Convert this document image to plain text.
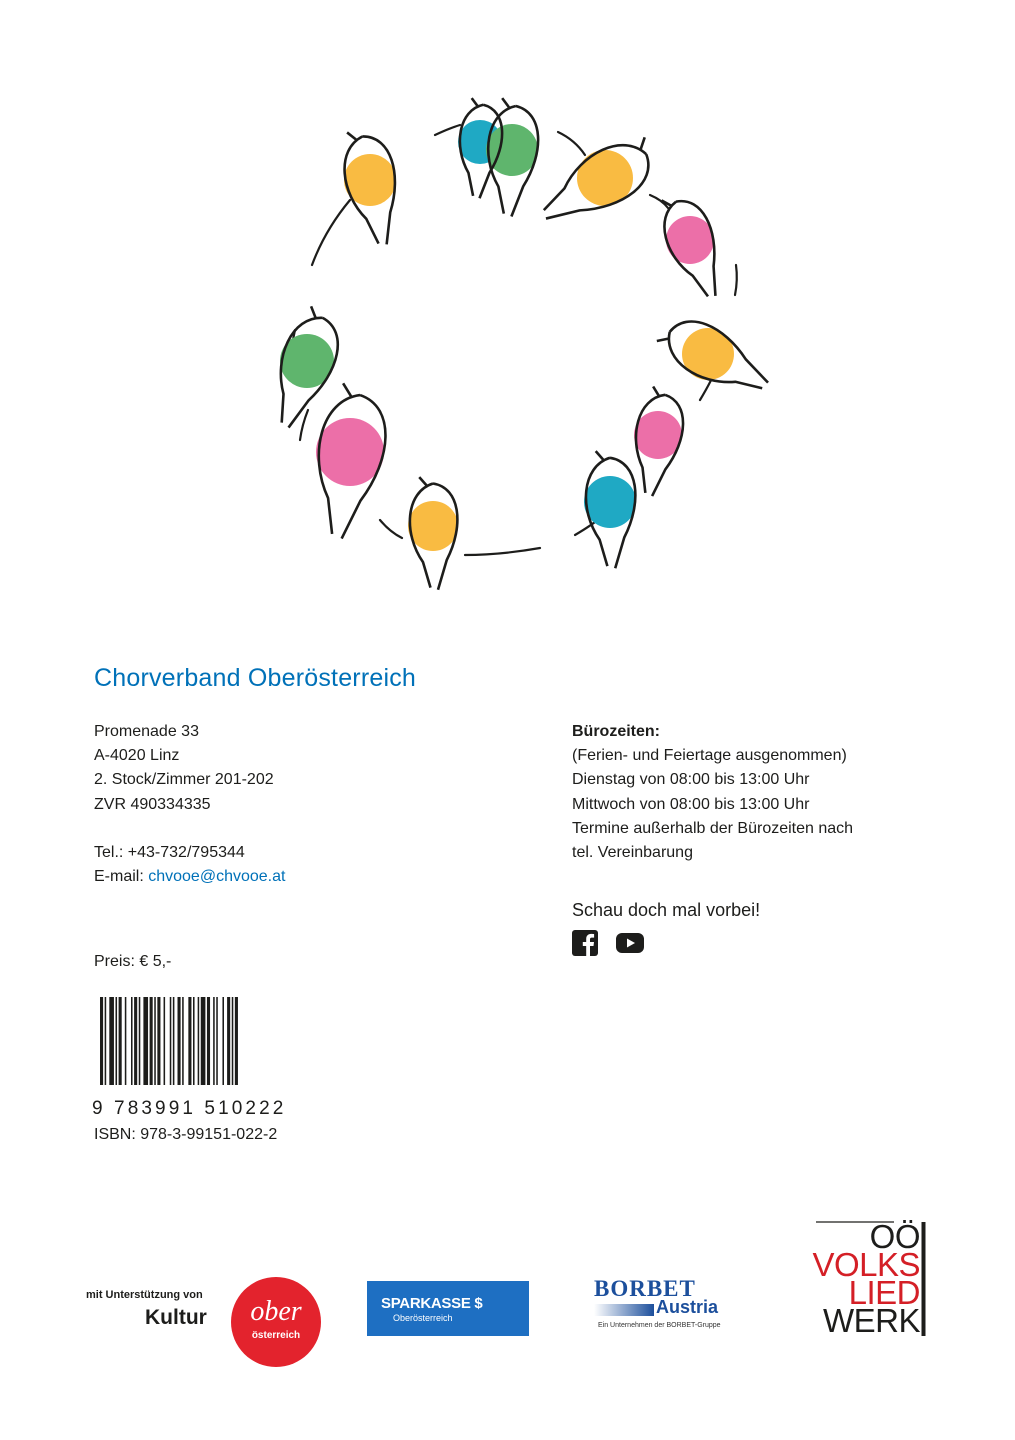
Chorverband Oberösterreich
Promenade 33
A-4020 Linz
2. Stock/Zimmer 201-202
ZVR 490334335
Tel.: +43-732/795344
E-mail: chvooe@chvooe.at
Bürozeiten:
(Ferien- und Feiertage ausgenommen)
Dienstag von 08:00 bis 13:00 Uhr
Mittwoch von 08:00 bis 13:00 Uhr
Termine außerhalb der Bürozeiten nach
tel. Vereinbarung
Schau doch mal vorbei!

Preis: € 5,-
9 783991 510222
ISBN: 978-3-99151-022-2
mit Unterstützung von
Kultur ober
österreich
SPARKASSE $
Oberösterreich
BORBET
Austria
Ein Unternehmen der BORBET-Gruppe
OÖ
VOLKS
LIED
WERK
